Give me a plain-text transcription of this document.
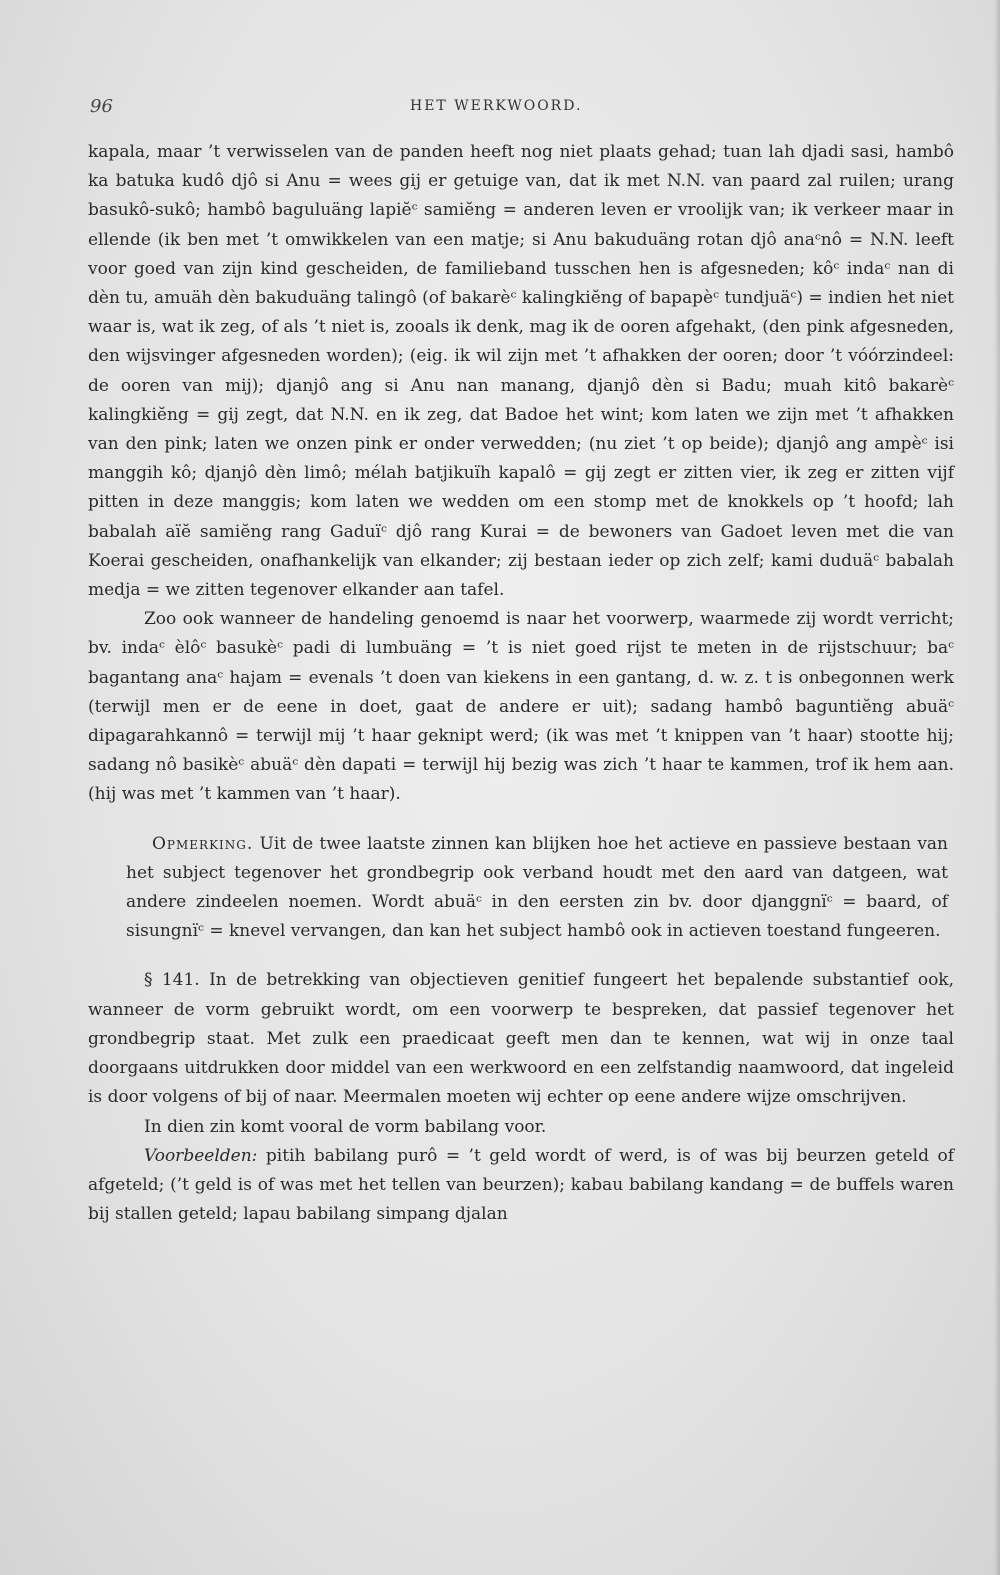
96	HET WERKWOORD.

kapala, maar ’t verwisselen van de panden heeft nog niet plaats gehad; tuan lah djadi sasi, hambô ka batuka kudô djô si Anu = wees gij er getuige van, dat ik met N.N. van paard zal ruilen; urang basukô-sukô; hambô baguluäng lapiĕᶜ samiĕng = anderen leven er vroolijk van; ik verkeer maar in ellende (ik ben met ’t omwikkelen van een matje; si Anu bakuduäng rotan djô anaᶜnô = N.N. leeft voor goed van zijn kind gescheiden, de familieband tusschen hen is afgesneden; kôᶜ indaᶜ nan di dèn tu, amuäh dèn bakuduäng talingô (of bakarèᶜ kalingkiĕng of bapapèᶜ tundjuäᶜ) = indien het niet waar is, wat ik zeg, of als ’t niet is, zooals ik denk, mag ik de ooren afgehakt, (den pink afgesneden, den wijsvinger afgesneden worden); (eig. ik wil zijn met ’t afhakken der ooren; door ’t vóórzindeel: de ooren van mij); djanjô ang si Anu nan manang, djanjô dèn si Badu; muah kitô bakarèᶜ kalingkiĕng = gij zegt, dat N.N. en ik zeg, dat Badoe het wint; kom laten we zijn met ’t afhakken van den pink; laten we onzen pink er onder verwedden; (nu ziet ’t op beide); djanjô ang ampèᶜ isi manggih kô; djanjô dèn limô; mélah batjikuïh kapalô = gij zegt er zitten vier, ik zeg er zitten vijf pitten in deze manggis; kom laten we wedden om een stomp met de knokkels op ’t hoofd; lah babalah aïĕ samiĕng rang Gaduïᶜ djô rang Kurai = de bewoners van Gadoet leven met die van Koerai gescheiden, onafhankelijk van elkander; zij bestaan ieder op zich zelf; kami duduäᶜ babalah medja = we zitten tegenover elkander aan tafel.

Zoo ook wanneer de handeling genoemd is naar het voorwerp, waarmede zij wordt verricht; bv. indaᶜ èlôᶜ basukèᶜ padi di lumbuäng = ’t is niet goed rijst te meten in de rijstschuur; baᶜ bagantang anaᶜ hajam = evenals ’t doen van kiekens in een gantang, d. w. z. t is onbegonnen werk (terwijl men er de eene in doet, gaat de andere er uit); sadang hambô baguntiĕng abuäᶜ dipagarahkannô = terwijl mij ’t haar geknipt werd; (ik was met ’t knippen van ’t haar) stootte hij; sadang nô basikèᶜ abuäᶜ dèn dapati = terwijl hij bezig was zich ’t haar te kammen, trof ik hem aan. (hij was met ’t kammen van ’t haar).

Opmerking. Uit de twee laatste zinnen kan blijken hoe het actieve en passieve bestaan van het subject tegenover het grondbegrip ook verband houdt met den aard van datgeen, wat andere zindeelen noemen. Wordt abuäᶜ in den eersten zin bv. door djanggnïᶜ = baard, of sisungnïᶜ = knevel vervangen, dan kan het subject hambô ook in actieven toestand fungeeren.

§ 141. In de betrekking van objectieven genitief fungeert het bepalende substantief ook, wanneer de vorm gebruikt wordt, om een voorwerp te bespreken, dat passief tegenover het grondbegrip staat. Met zulk een praedicaat geeft men dan te kennen, wat wij in onze taal doorgaans uitdrukken door middel van een werkwoord en een zelfstandig naamwoord, dat ingeleid is door volgens of bij of naar. Meermalen moeten wij echter op eene andere wijze omschrijven.

In dien zin komt vooral de vorm babilang voor.

Voorbeelden: pitih babilang purô = ’t geld wordt of werd, is of was bij beurzen geteld of afgeteld; (’t geld is of was met het tellen van beurzen); kabau babilang kandang = de buffels waren bij stallen geteld; lapau babilang simpang djalan
